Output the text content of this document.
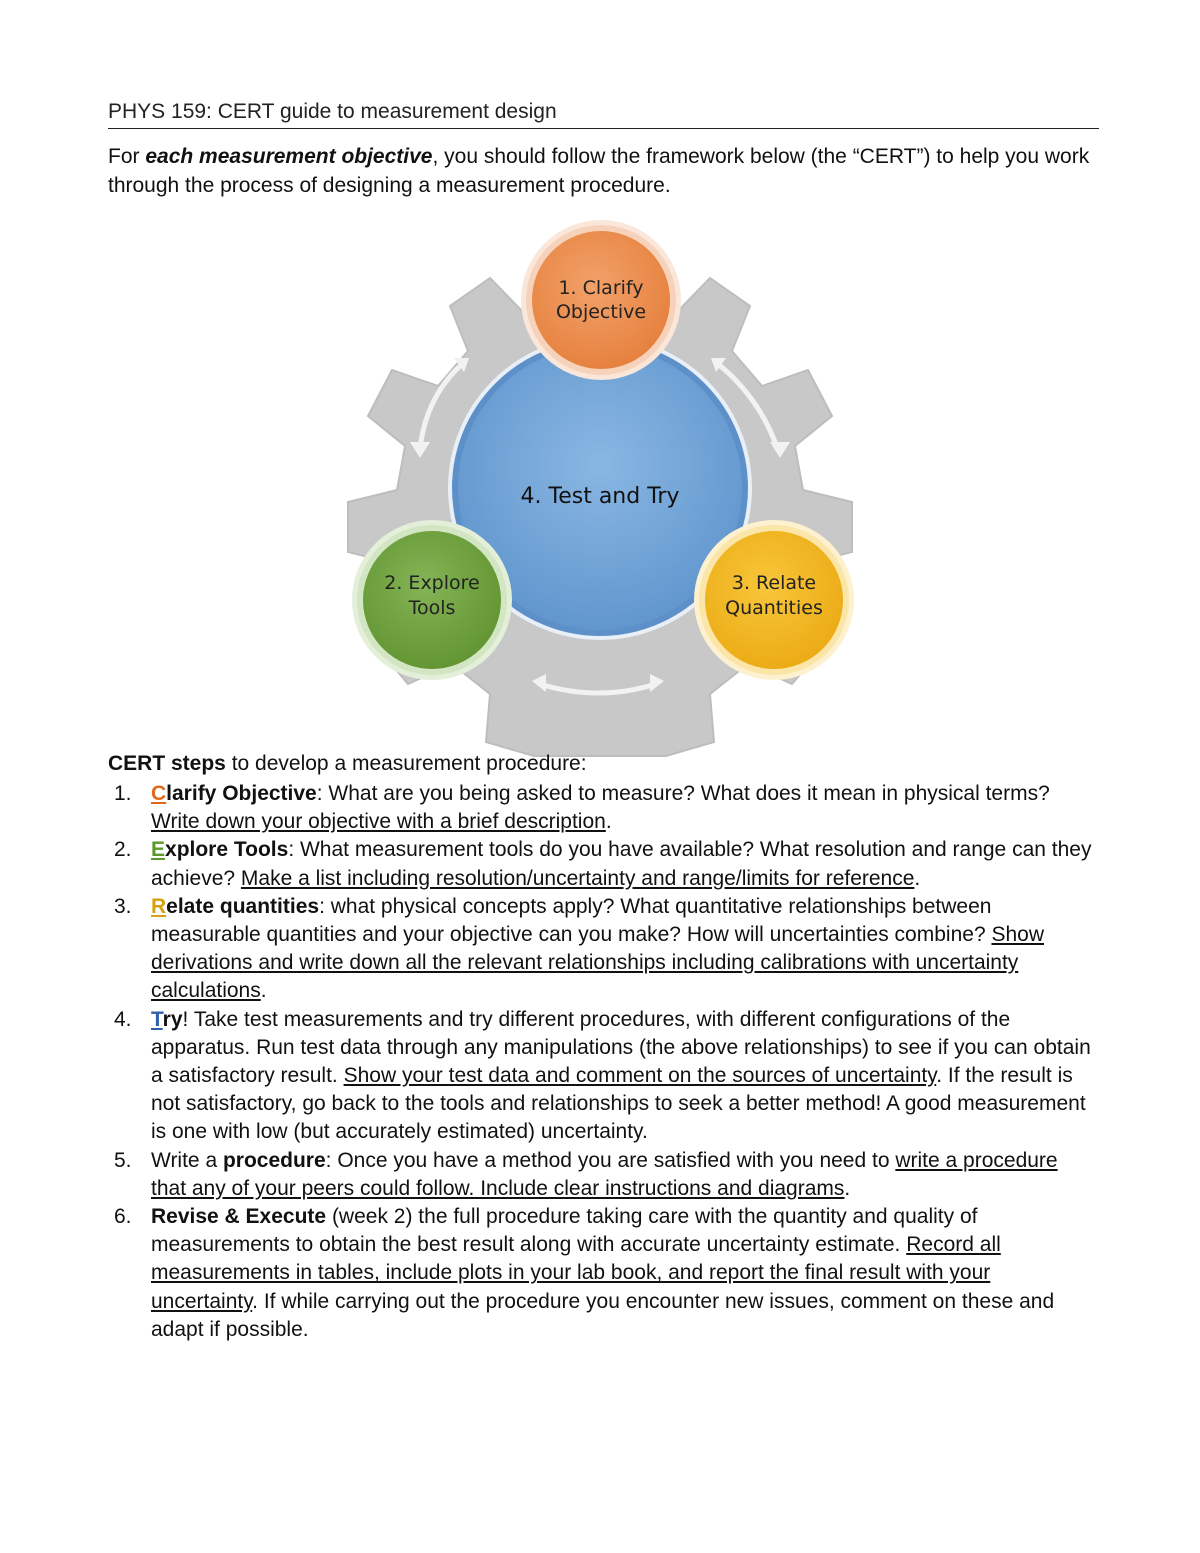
PHYS 159: CERT guide to measurement design
For each measurement objective, you should follow the framework below (the “CERT”) to help you work through the process of designing a measurement procedure.
4. Test and Try
1. Clarify
Objective
2. Explore
Tools
3. Relate
Quantities
CERT steps to develop a measurement procedure:
1. Clarify Objective: What are you being asked to measure? What does it mean in physical terms? Write down your objective with a brief description.
2. Explore Tools: What measurement tools do you have available? What resolution and range can they achieve? Make a list including resolution/uncertainty and range/limits for reference.
3. Relate quantities: what physical concepts apply? What quantitative relationships between measurable quantities and your objective can you make? How will uncertainties combine? Show derivations and write down all the relevant relationships including calibrations with uncertainty calculations.
4. Try! Take test measurements and try different procedures, with different configurations of the apparatus. Run test data through any manipulations (the above relationships) to see if you can obtain a satisfactory result. Show your test data and comment on the sources of uncertainty. If the result is not satisfactory, go back to the tools and relationships to seek a better method! A good measurement is one with low (but accurately estimated) uncertainty.
5. Write a procedure: Once you have a method you are satisfied with you need to write a procedure that any of your peers could follow. Include clear instructions and diagrams.
6. Revise & Execute (week 2) the full procedure taking care with the quantity and quality of measurements to obtain the best result along with accurate uncertainty estimate. Record all measurements in tables, include plots in your lab book, and report the final result with your uncertainty. If while carrying out the procedure you encounter new issues, comment on these and adapt if possible.
